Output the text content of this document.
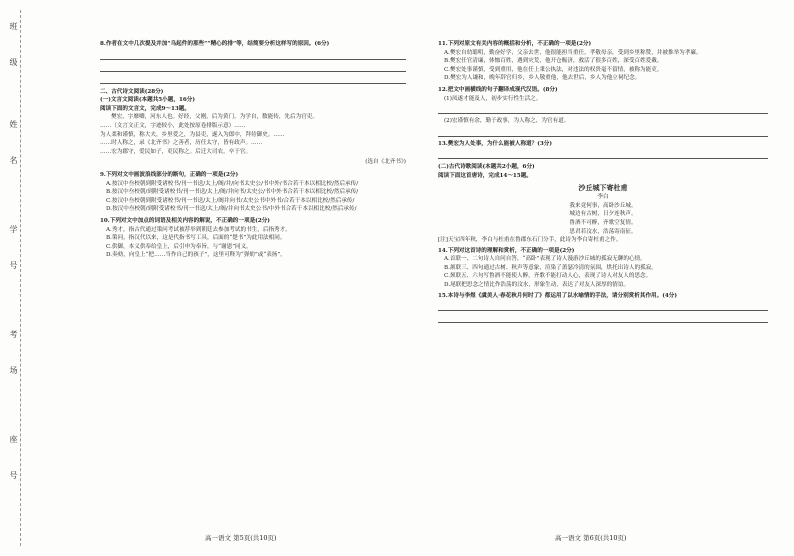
班
级
姓
名
学
号
考
场
座
号

8.作者在文中几次提及并加“乌起件的那些”“精心的排”等，结简要分析这样写的原因。(6分)

二、古代诗文阅读(28分)

(一)文言文阅读(本题共5小题，16分)

阅读下面的文言文，完成9～13题。

樊宏，字靡卿，河东人也。好经，父刚，后为黄门。为学自，数能传，先后为官吏。

……（文言文正文，字迹较小，此处按原卷排版示意）……

为人柔和谨慎，称大夫，乡里爱之，为县吏，遂入为郎中，拜侍御史。……

……时人称之，录《北齐书》之善者，历任太守，皆有政声。……

……宏为郡守，爱民如子，吏民称之。后迁大司农，卒于官。

(选自《北齐书》)

9.下列对文中画波浪线部分的断句，正确的一项是(2分)

A.按汉中叁校朝到附受诸校书/刊一书送/太上/阁/并/向书太史公/书中外/书合若干本以相比校/然后承传/

B.按汉中叁校朝/到附受诸校书/刊一书送/太上/阁/并向书/太史公/书中外书合若干本以相比校/然后承传/

C.按汉中叁校朝到附受诸校书/刊一书送/太上/阁并向书/太史公书中外书/合若干本以相比校/然后承传/

D.按汉中叁校朝/到附受诸校书/刊一书送/太上/阁/并向书太史公书/中外书合若干本以相比校/然后承传/

10.下列对文中加点的词语及相关内容的解说，不正确的一项是(2分)

A.秀才，指古代通过策问考试被荐举到朝廷去参加考试的书生，后指秀才。

B.策问，指汉代以来，这是代指书写工具，后面的“楚书”为此用法相同。

C.供御，本义供奉给皇上，后引申为奉旨，与“谢恩”同义。

D.奏劾，向皇上“把……当作自己的孩子”，这里可释为“弹劾”或“表扬”。

高一语文 第5页(共10页)

11.下列对原文有关内容的概括和分析，不正确的一项是(2分)

A.樊宏自幼聪明，勤奋好学，父亲去世，他很能担当重任，孝敬母亲，受到乡里称赞，并被推举为孝廉。

B.樊宏任官清廉，体恤百姓，遇到灾荒，他开仓赈济，救活了很多百姓，深受百姓爱戴。

C.樊宏处事谨慎，受到重用，他在任上秉公执法，对违法的权贵毫不留情，被称为能吏。

D.樊宏为人谦和，晚年辞官归乡，乡人敬重他，他去世后，乡人为他立祠纪念。

12.把文中画横线的句子翻译成现代汉语。(8分)

(1)凤遂才能及人，初步实行性生活之。

(2)宏谨慎有余，勤于政事，为人称之，为官有道。

13.樊宏为人处事，为什么能被人称道？(3分)

(二)古代诗歌阅读(本题共2小题，6分)

阅读下面这首唐诗，完成14～15题。

沙丘城下寄杜甫

李白

我来竟何事，高卧沙丘城。

城边有古树，日夕连秋声。

鲁酒不可醉，齐歌空复情。

思君若汶水，浩荡寄南征。

[注]天宝四年秋，李白与杜甫在鲁郡东石门分手，此诗为李白寄杜甫之作。

14.下列对这首诗的理解和赏析，不正确的一项是(2分)

A.首联一、二句诗人自问自答，“高卧”表现了诗人漫游沙丘城的孤寂无聊的心情。

B.颔联三、四句通过古树、秋声等意象，渲染了萧瑟冷清的氛围，烘托出诗人的孤寂。

C.颈联五、六句写鲁酒不能使人醉，齐歌不能打动人心，表现了诗人对友人的思念。

D.尾联把思念之情比作浩荡的汶水，形象生动，表达了对友人深厚的情谊。

15.本诗与李煜《虞美人·春花秋月何时了》都运用了以水喻情的手法，请分别赏析其作用。(4分)

高一语文 第6页(共10页)
